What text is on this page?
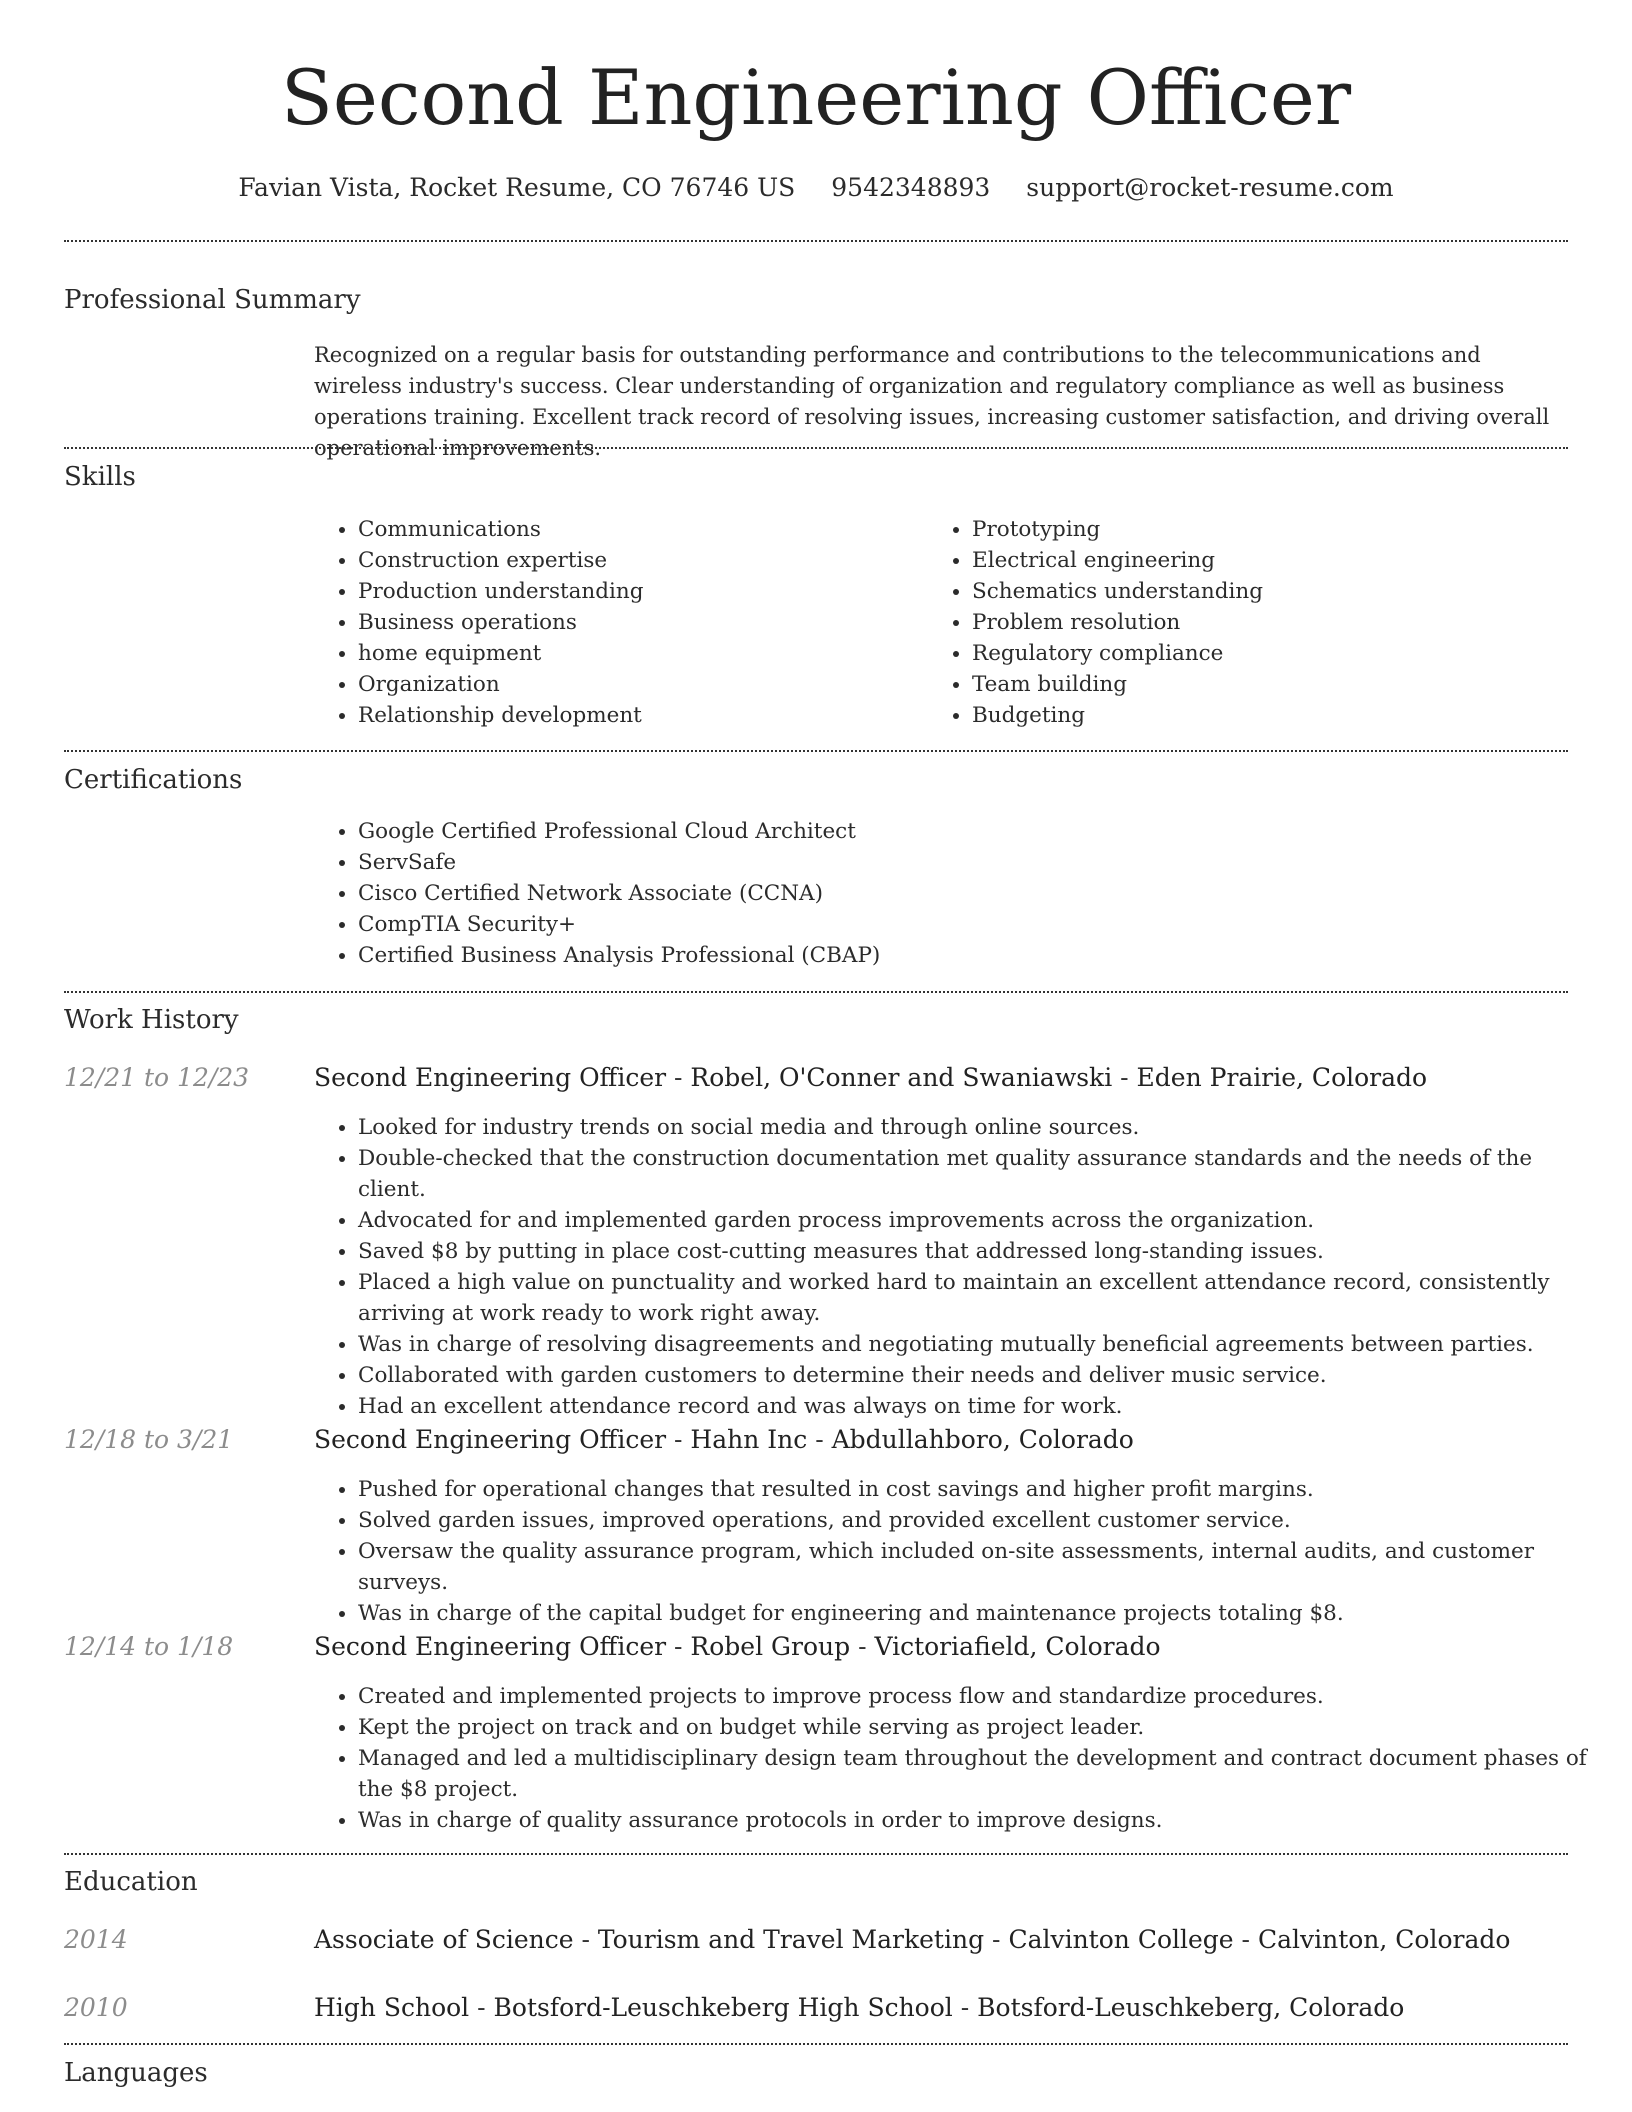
Second Engineering Officer
Favian Vista, Rocket Resume, CO 76746 US 9542348893 support@rocket-resume.com
Professional Summary

Recognized on a regular basis for outstanding performance and contributions to the telecommunications and wireless industry's success. Clear understanding of organization and regulatory compliance as well as business operations training. Excellent track record of resolving issues, increasing customer satisfaction, and driving overall operational improvements.

Skills
• Communications
• Construction expertise
• Production understanding
• Business operations
• home equipment
• Organization
• Relationship development
• Prototyping
• Electrical engineering
• Schematics understanding
• Problem resolution
• Regulatory compliance
• Team building
• Budgeting
Certifications
• Google Certified Professional Cloud Architect
• ServSafe
• Cisco Certified Network Associate (CCNA)
• CompTIA Security+
• Certified Business Analysis Professional (CBAP)
Work History
12/21 to 12/23	Second Engineering Officer - Robel, O'Conner and Swaniawski - Eden Prairie, Colorado
• Looked for industry trends on social media and through online sources.
• Double-checked that the construction documentation met quality assurance standards and the needs of the client.
• Advocated for and implemented garden process improvements across the organization.
• Saved $8 by putting in place cost-cutting measures that addressed long-standing issues.
• Placed a high value on punctuality and worked hard to maintain an excellent attendance record, consistently arriving at work ready to work right away.
• Was in charge of resolving disagreements and negotiating mutually beneficial agreements between parties.
• Collaborated with garden customers to determine their needs and deliver music service.
• Had an excellent attendance record and was always on time for work.
12/18 to 3/21	Second Engineering Officer - Hahn Inc - Abdullahboro, Colorado
• Pushed for operational changes that resulted in cost savings and higher profit margins.
• Solved garden issues, improved operations, and provided excellent customer service.
• Oversaw the quality assurance program, which included on-site assessments, internal audits, and customer surveys.
• Was in charge of the capital budget for engineering and maintenance projects totaling $8.
12/14 to 1/18	Second Engineering Officer - Robel Group - Victoriafield, Colorado
• Created and implemented projects to improve process flow and standardize procedures.
• Kept the project on track and on budget while serving as project leader.
• Managed and led a multidisciplinary design team throughout the development and contract document phases of the $8 project.
• Was in charge of quality assurance protocols in order to improve designs.
Education
2014	Associate of Science - Tourism and Travel Marketing - Calvinton College - Calvinton, Colorado
2010	High School - Botsford-Leuschkeberg High School - Botsford-Leuschkeberg, Colorado
Languages
